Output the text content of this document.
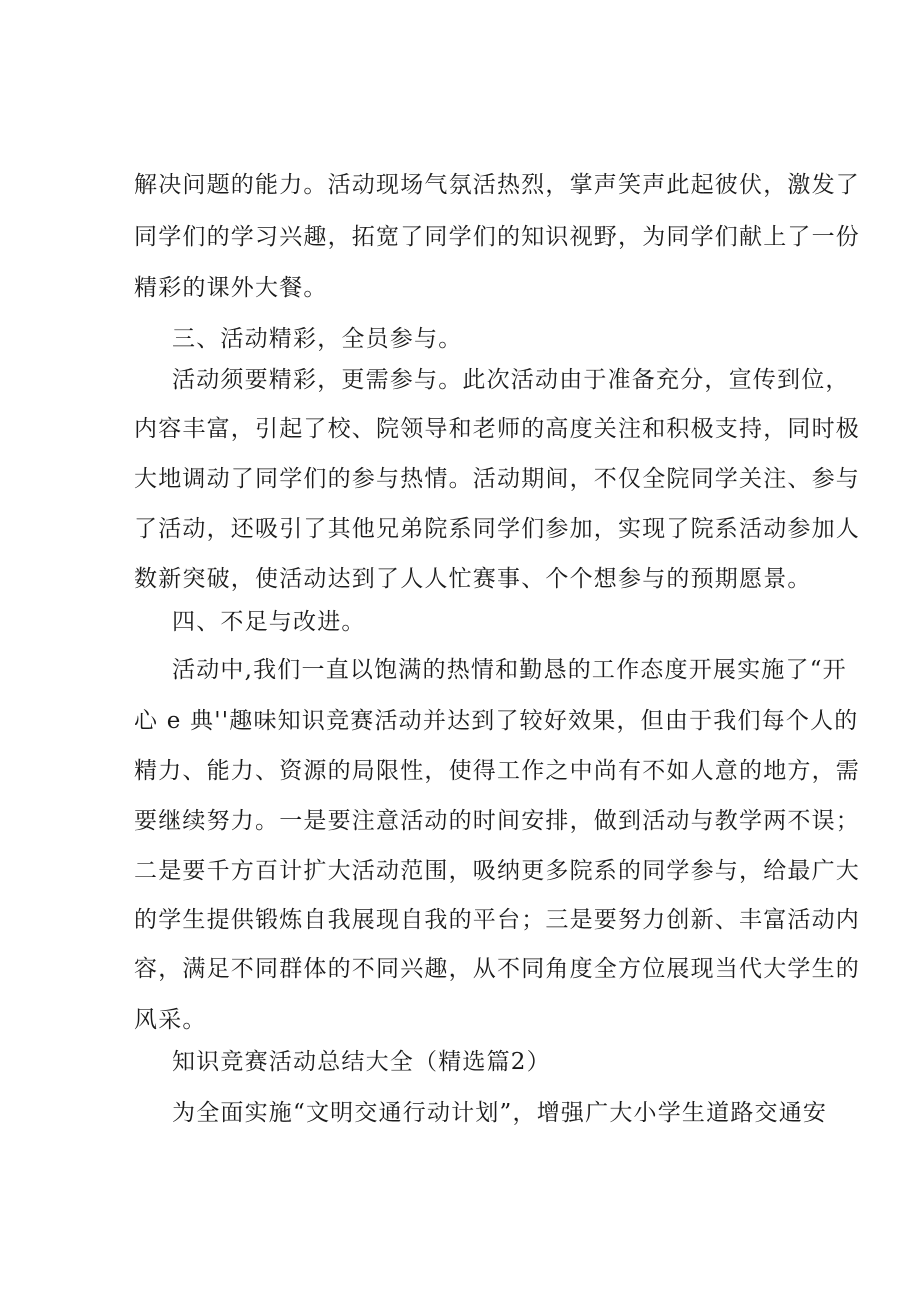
解决问题的能力。活动现场气氛活热烈，掌声笑声此起彼伏，激发了
同学们的学习兴趣，拓宽了同学们的知识视野，为同学们献上了一份
精彩的课外大餐。
三、活动精彩，全员参与。
活动须要精彩，更需参与。此次活动由于准备充分，宣传到位，
内容丰富，引起了校、院领导和老师的高度关注和积极支持，同时极
大地调动了同学们的参与热情。活动期间，不仅全院同学关注、参与
了活动，还吸引了其他兄弟院系同学们参加，实现了院系活动参加人
数新突破，使活动达到了人人忙赛事、个个想参与的预期愿景。
四、不足与改进。
活动中,我们一直以饱满的热情和勤恳的工作态度开展实施了“开
心 e 典''趣味知识竞赛活动并达到了较好效果，但由于我们每个人的
精力、能力、资源的局限性，使得工作之中尚有不如人意的地方，需
要继续努力。一是要注意活动的时间安排，做到活动与教学两不误；
二是要千方百计扩大活动范围，吸纳更多院系的同学参与，给最广大
的学生提供锻炼自我展现自我的平台；三是要努力创新、丰富活动内
容，满足不同群体的不同兴趣，从不同角度全方位展现当代大学生的
风采。
知识竞赛活动总结大全（精选篇2）
为全面实施“文明交通行动计划”，增强广大小学生道路交通安
